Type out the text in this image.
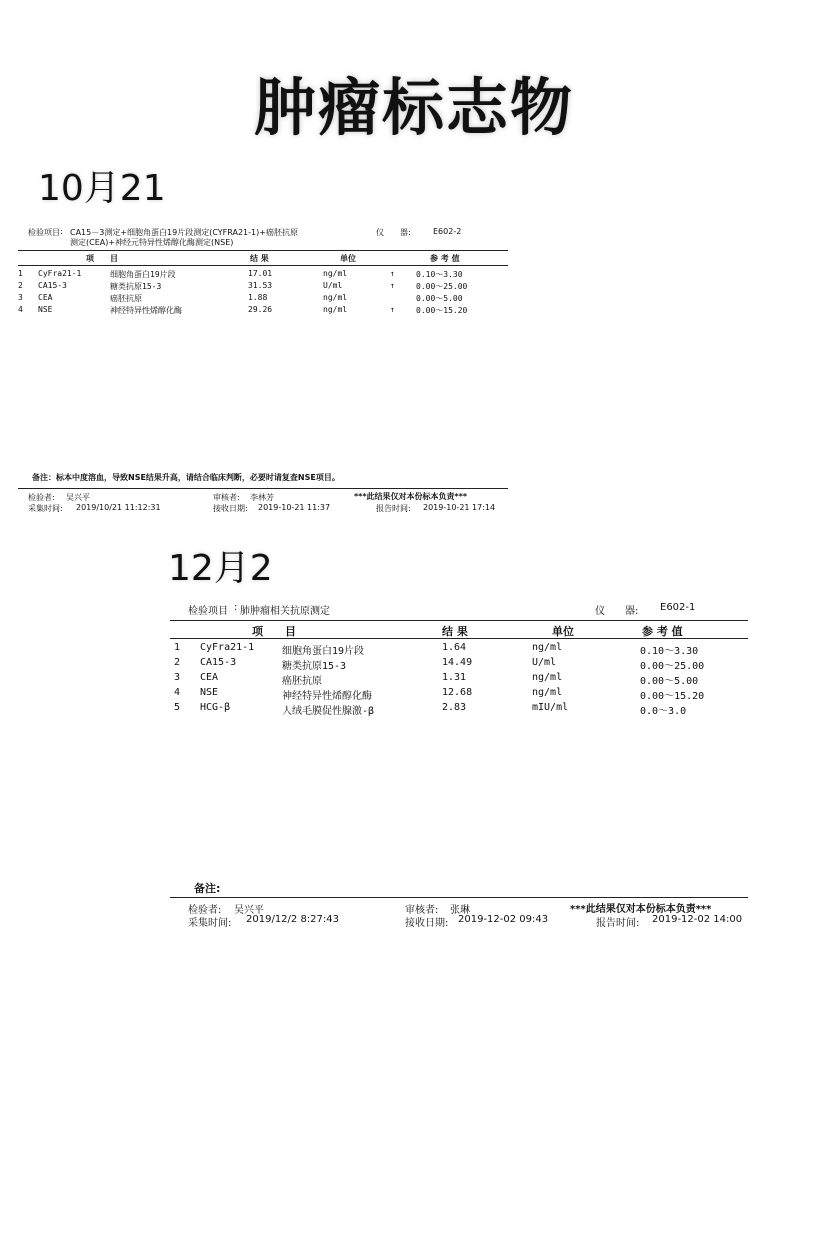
肿瘤标志物
10月21
检验项目 : CA15－3测定+细胞角蛋白19片段测定(CYFRA21-1)+癌胚抗原
测定(CEA)+神经元特异性烯醇化酶测定(NSE)
仪　　器:	E602-2
项　　目	结 果	单位	参 考 值
1 CyFra21-1	细胞角蛋白19片段	17.01	ng/ml	↑	0.10～3.30
2 CA15-3	糖类抗原15-3	31.53	U/ml	↑	0.00～25.00
3 CEA	癌胚抗原	1.88	ng/ml	0.00～5.00
4 NSE	神经特异性烯醇化酶	29.26	ng/ml	↑	0.00～15.20
备注：标本中度溶血，导致NSE结果升高，请结合临床判断，必要时请复查NSE项目。
检验者: 吴兴平	审核者: 李林芳	***此结果仅对本份标本负责***
采集时间: 2019/10/21 11:12:31	接收日期: 2019-10-21 11:37	报告时间: 2019-10-21 17:14
12月2
检验项目 : 肺肿瘤相关抗原测定	仪　　器: E602-1
项　　目	结 果	单位	参 考 值
1 CyFra21-1	细胞角蛋白19片段	1.64	ng/ml	0.10～3.30
2 CA15-3	糖类抗原15-3	14.49	U/ml	0.00～25.00
3 CEA	癌胚抗原	1.31	ng/ml	0.00～5.00
4 NSE	神经特异性烯醇化酶	12.68	ng/ml	0.00～15.20
5 HCG-β	人绒毛膜促性腺激-β	2.83	mIU/ml	0.0～3.0
备注:
检验者: 吴兴平	审核者: 张琳	***此结果仅对本份标本负责***
采集时间: 2019/12/2 8:27:43	接收日期: 2019-12-02 09:43	报告时间: 2019-12-02 14:00
